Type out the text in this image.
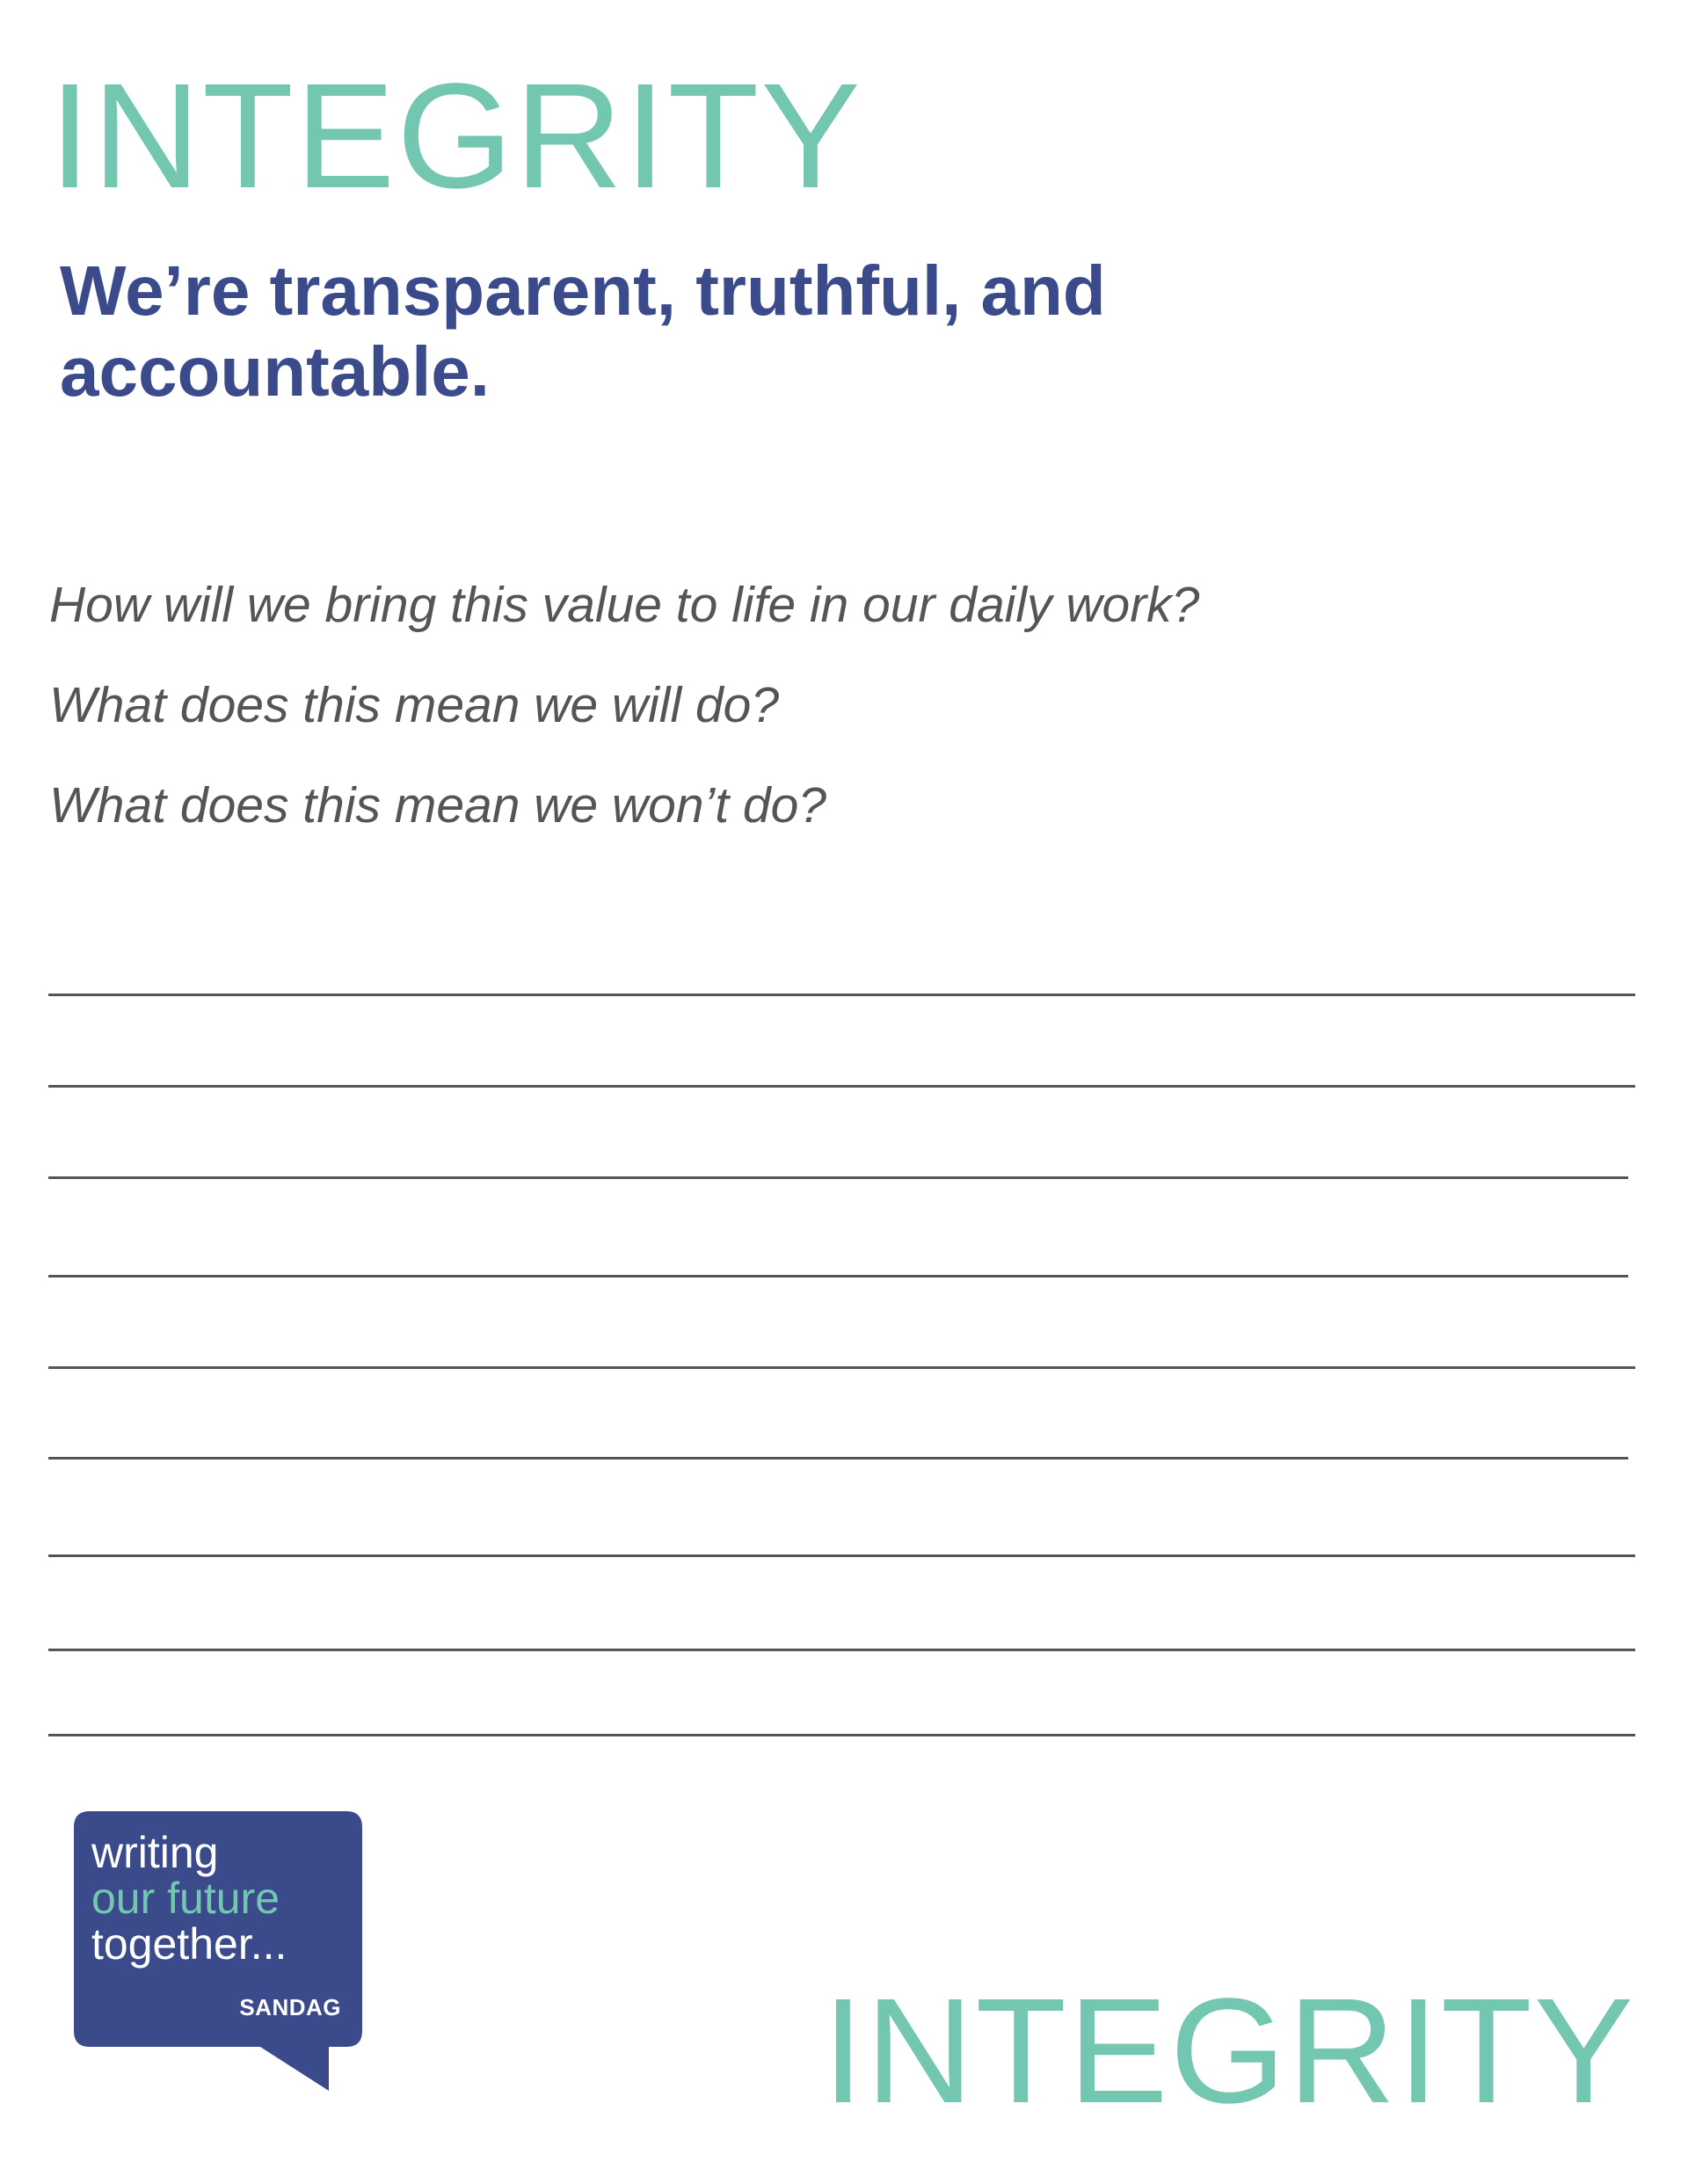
INTEGRITY
We’re transparent, truthful, and accountable.
How will we bring this value to life in our daily work?
What does this mean we will do?
What does this mean we won’t do?
writing
our future
together...
SANDAG	INTEGRITY
